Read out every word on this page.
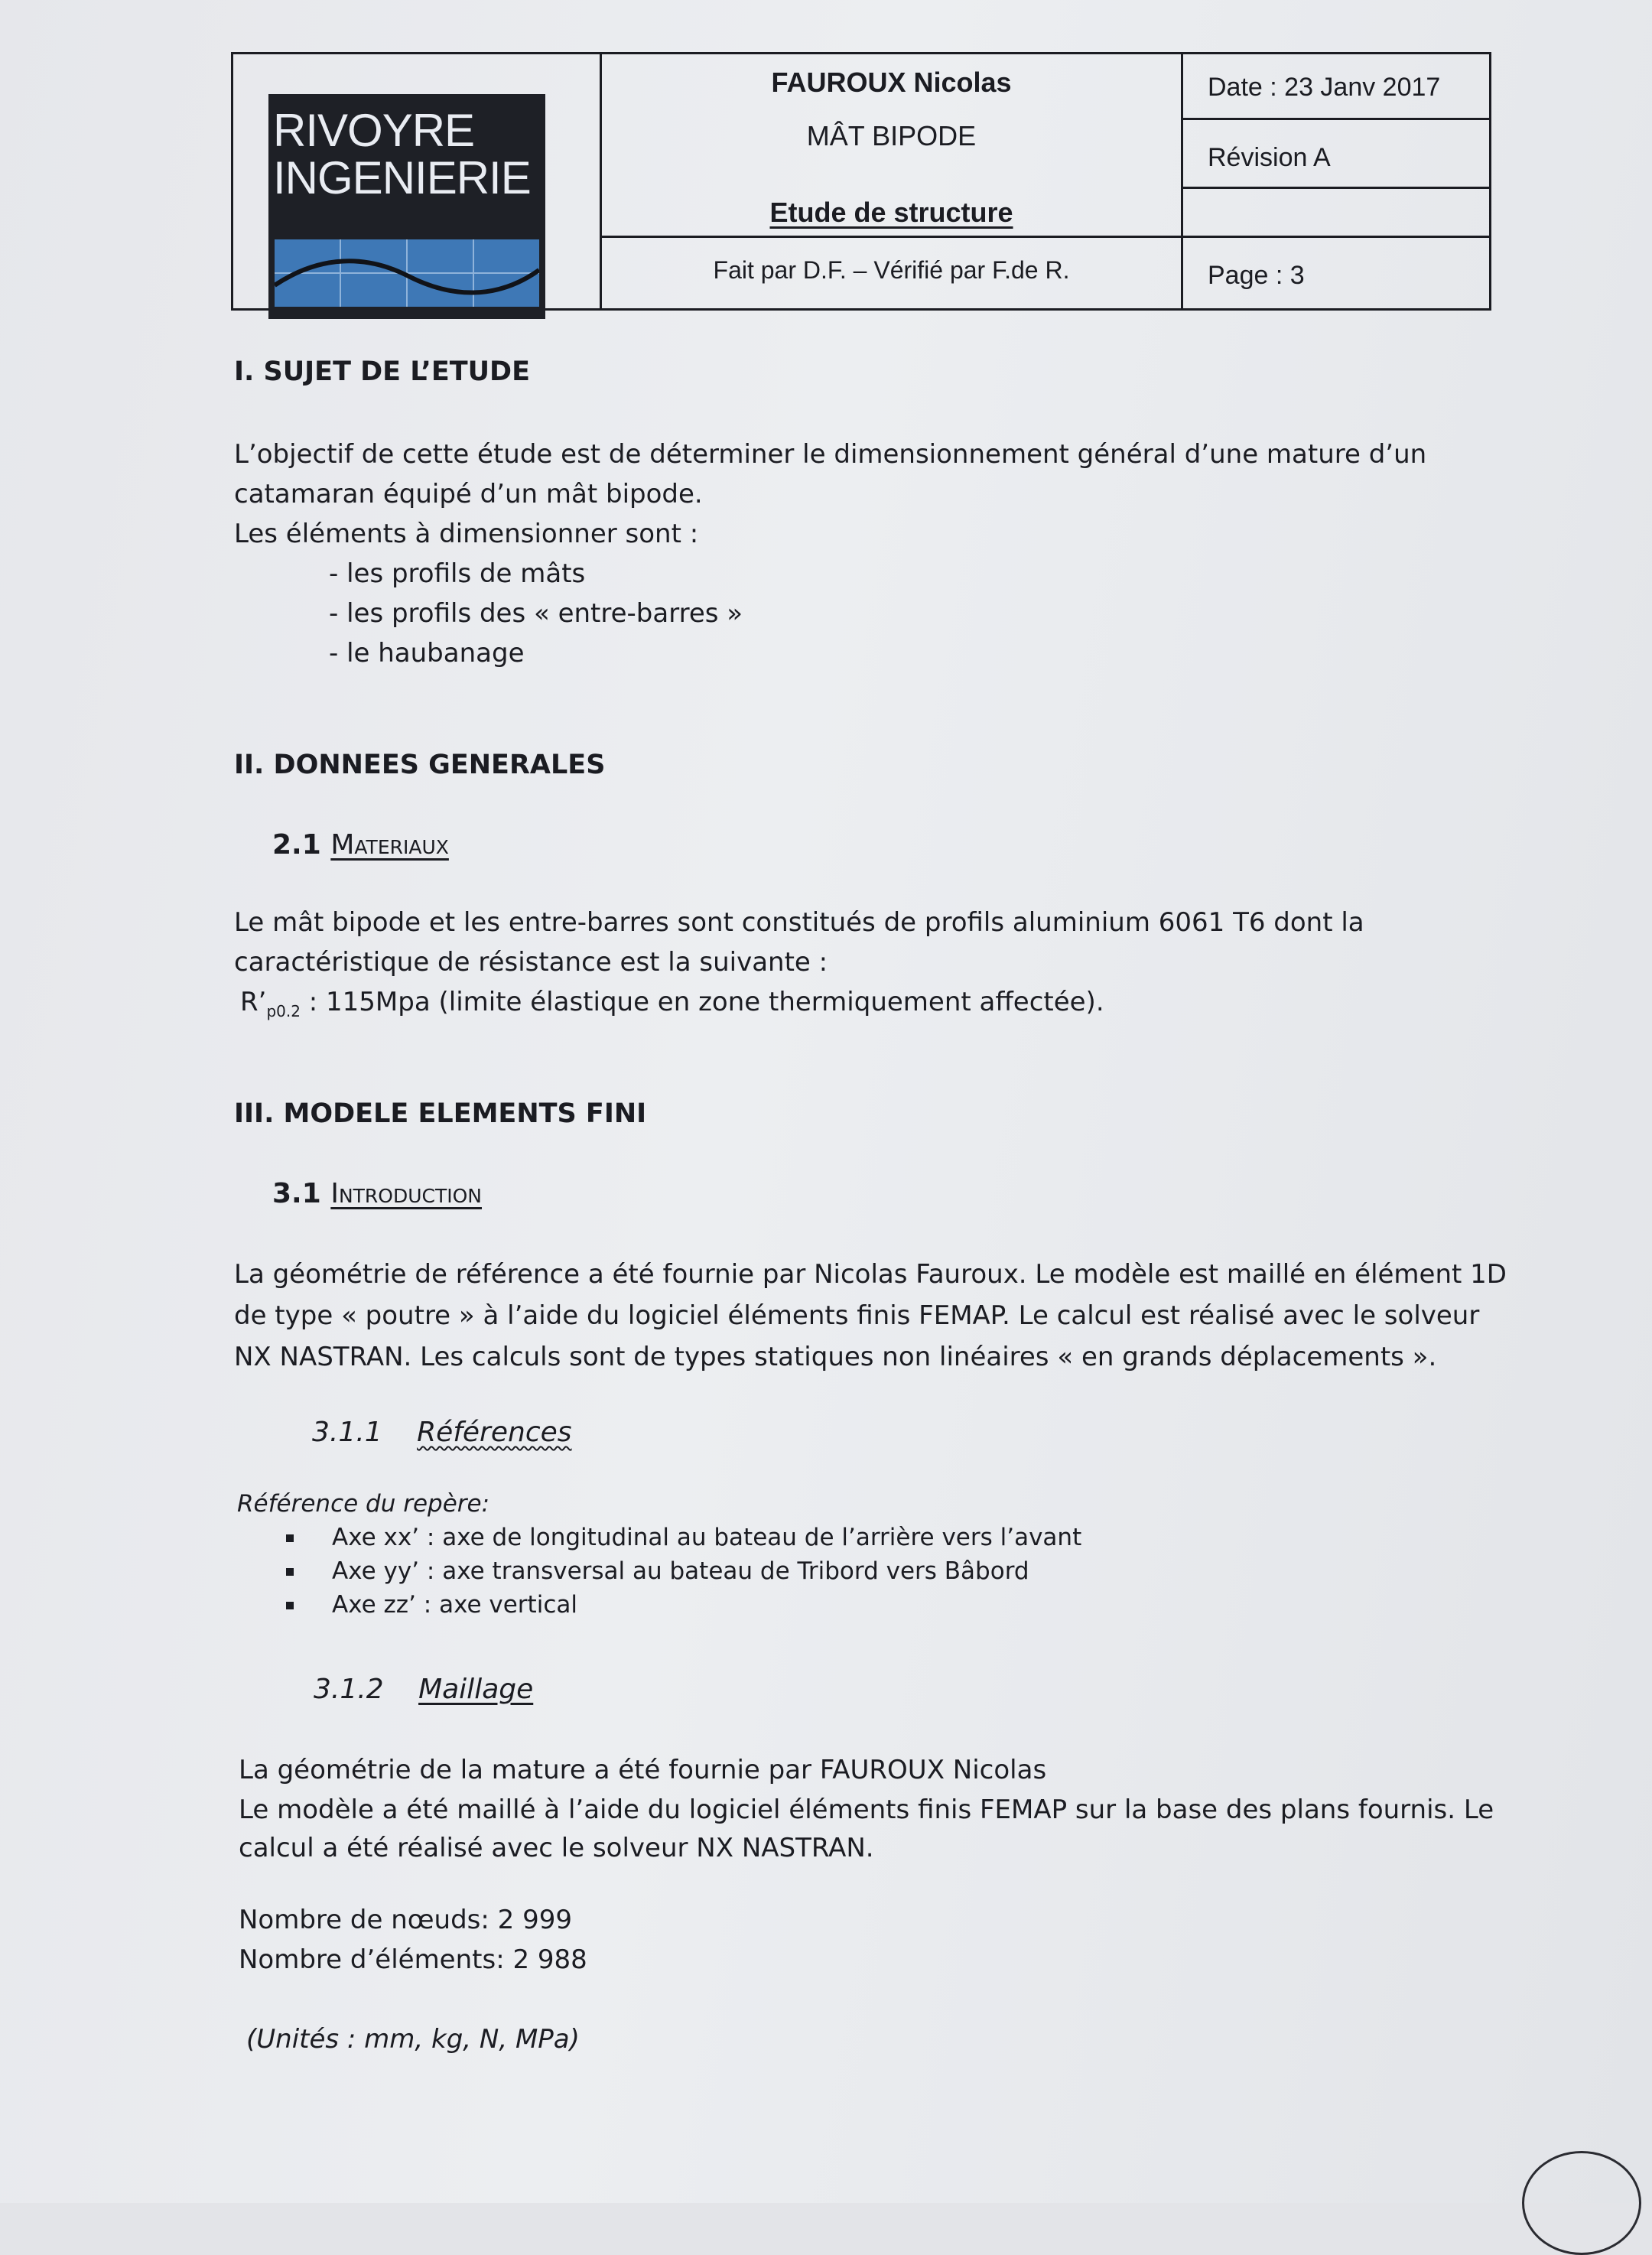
RIVOYRE
INGENIERIE
FAUROUX Nicolas
MÂT BIPODE
Etude de structure
Fait par D.F. – Vérifié par F.de R.
Date : 23 Janv 2017
Révision A
Page : 3
I. SUJET DE L’ETUDE
L’objectif de cette étude est de déterminer le dimensionnement général d’une mature d’un
catamaran équipé d’un mât bipode.
Les éléments à dimensionner sont :
- les profils de mâts
- les profils des « entre-barres »
- le haubanage
II. DONNEES GENERALES
2.1 Materiaux
Le mât bipode et les entre-barres sont constitués de profils aluminium 6061 T6 dont la
caractéristique de résistance est la suivante :
$R’_{p0.2}$ : 115Mpa (limite élastique en zone thermiquement affectée).
III. MODELE ELEMENTS FINI
3.1 Introduction
La géométrie de référence a été fournie par Nicolas Fauroux. Le modèle est maillé en élément 1D
de type « poutre » à l’aide du logiciel éléments finis FEMAP. Le calcul est réalisé avec le solveur
NX NASTRAN. Les calculs sont de types statiques non linéaires « en grands déplacements ».
3.1.1 Références
Référence du repère:
Axe xx’ : axe de longitudinal au bateau de l’arrière vers l’avant
Axe yy’ : axe transversal au bateau de Tribord vers Bâbord
Axe zz’ : axe vertical
3.1.2 Maillage
La géométrie de la mature a été fournie par FAUROUX Nicolas
Le modèle a été maillé à l’aide du logiciel éléments finis FEMAP sur la base des plans fournis. Le
calcul a été réalisé avec le solveur NX NASTRAN.
Nombre de nœuds: 2 999
Nombre d’éléments: 2 988
(Unités : mm, kg, N, MPa)
